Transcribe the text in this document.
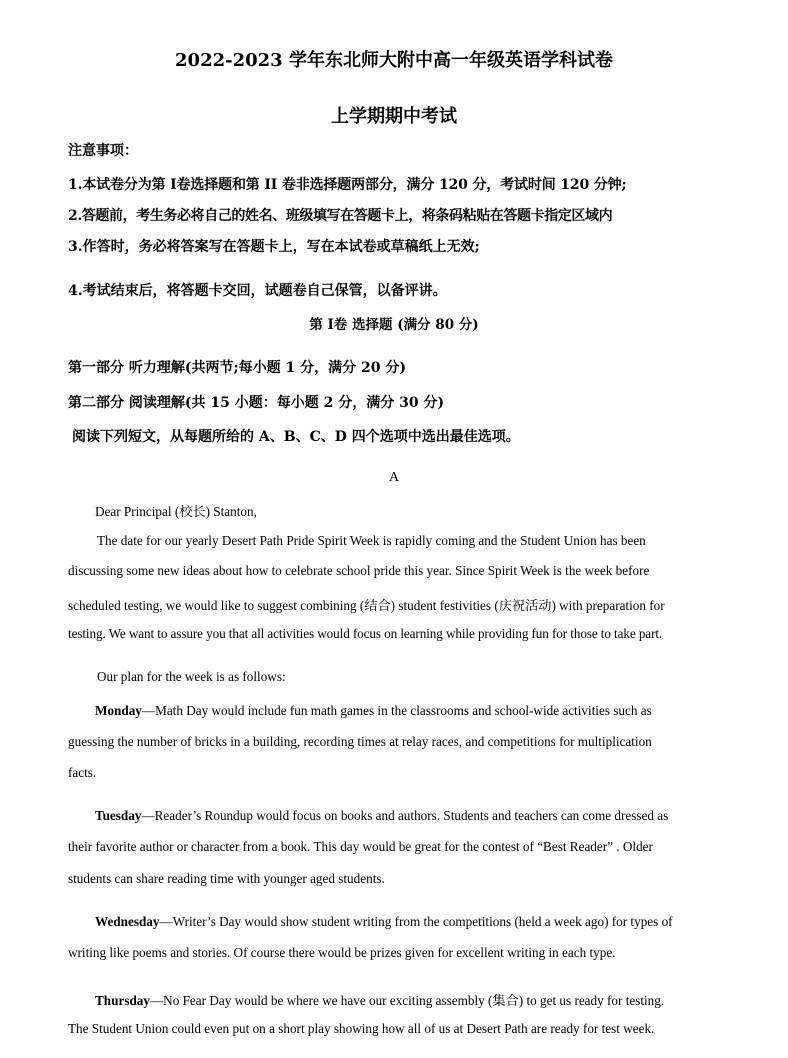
2022-2023 学年东北师大附中高一年级英语学科试卷
上学期期中考试
注意事项：
1.本试卷分为第 I卷选择题和第 II 卷非选择题两部分，满分 120 分，考试时间 120 分钟;
2.答题前，考生务必将自己的姓名、班级填写在答题卡上，将条码粘贴在答题卡指定区域内
3.作答时，务必将答案写在答题卡上，写在本试卷或草稿纸上无效;
4.考试结束后，将答题卡交回，试题卷自己保管，以备评讲。
第 I卷 选择题 (满分 80 分)
第一部分 听力理解(共两节;每小题 1 分，满分 20 分)
第二部分 阅读理解(共 15 小题：每小题 2 分，满分 30 分)
阅读下列短文，从每题所给的 A、B、C、D 四个选项中选出最佳选项。
A
Dear Principal (校长) Stanton,
The date for our yearly Desert Path Pride Spirit Week is rapidly coming and the Student Union has been
discussing some new ideas about how to celebrate school pride this year. Since Spirit Week is the week before
scheduled testing, we would like to suggest combining (结合) student festivities (庆祝活动) with preparation for
testing. We want to assure you that all activities would focus on learning while providing fun for those to take part.
Our plan for the week is as follows:
Monday—Math Day would include fun math games in the classrooms and school-wide activities such as
guessing the number of bricks in a building, recording times at relay races, and competitions for multiplication
facts.
Tuesday—Reader’s Roundup would focus on books and authors. Students and teachers can come dressed as
their favorite author or character from a book. This day would be great for the contest of “Best Reader” . Older
students can share reading time with younger aged students.
Wednesday—Writer’s Day would show student writing from the competitions (held a week ago) for types of
writing like poems and stories. Of course there would be prizes given for excellent writing in each type.
Thursday—No Fear Day would be where we have our exciting assembly (集合) to get us ready for testing.
The Student Union could even put on a short play showing how all of us at Desert Path are ready for test week.
